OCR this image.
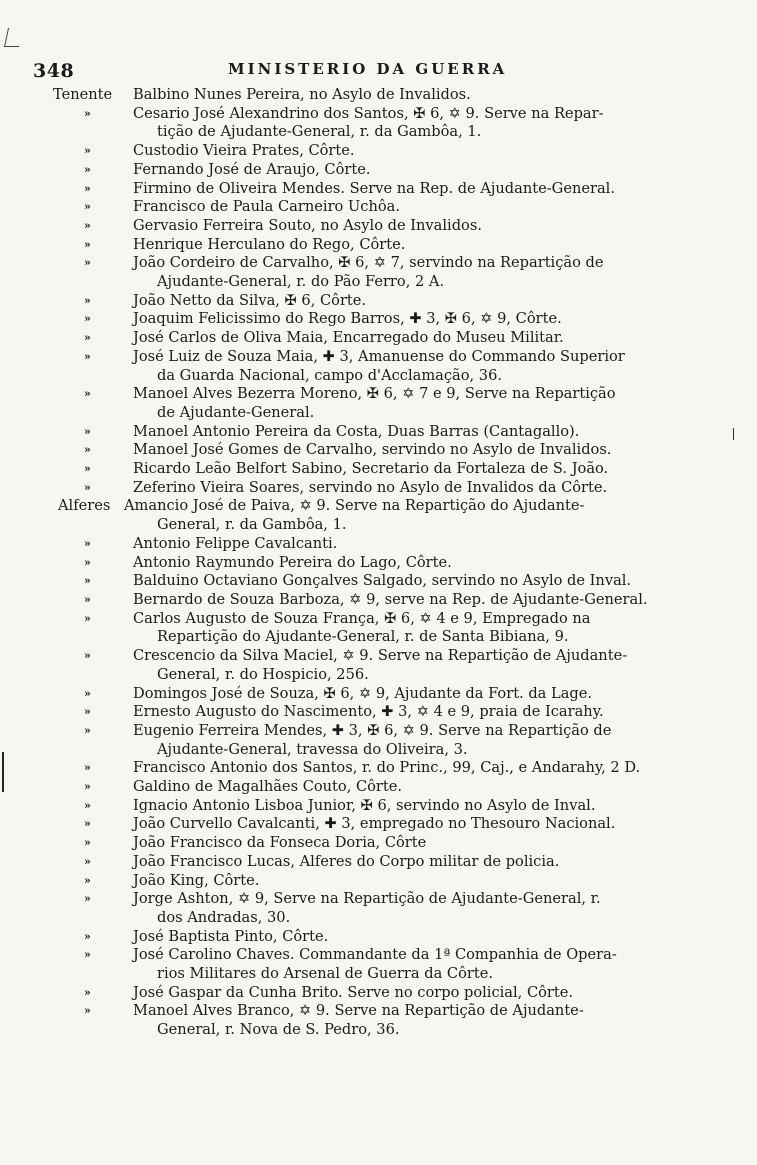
348	MINISTERIO DA GUERRA
Tenente	Balbino Nunes Pereira, no Asylo de Invalidos.
»	Cesario José Alexandrino dos Santos, ✠ 6, ✡ 9. Serve na Repar-
tição de Ajudante-General, r. da Gambôa, 1.
»	Custodio Vieira Prates, Côrte.
»	Fernando José de Araujo, Côrte.
»	Firmino de Oliveira Mendes. Serve na Rep. de Ajudante-General.
»	Francisco de Paula Carneiro Uchôa.
»	Gervasio Ferreira Souto, no Asylo de Invalidos.
»	Henrique Herculano do Rego, Côrte.
»	João Cordeiro de Carvalho, ✠ 6, ✡ 7, servindo na Repartição de
Ajudante-General, r. do Pão Ferro, 2 A.
»	João Netto da Silva, ✠ 6, Côrte.
»	Joaquim Felicissimo do Rego Barros, ✚ 3, ✠ 6, ✡ 9, Côrte.
»	José Carlos de Oliva Maia, Encarregado do Museu Militar.
»	José Luiz de Souza Maia, ✚ 3, Amanuense do Commando Superior
da Guarda Nacional, campo d'Acclamação, 36.
»	Manoel Alves Bezerra Moreno, ✠ 6, ✡ 7 e 9, Serve na Repartição
de Ajudante-General.
»	Manoel Antonio Pereira da Costa, Duas Barras (Cantagallo).
»	Manoel José Gomes de Carvalho, servindo no Asylo de Invalidos.
»	Ricardo Leão Belfort Sabino, Secretario da Fortaleza de S. João.
»	Zeferino Vieira Soares, servindo no Asylo de Invalidos da Côrte.
Alferes Amancio José de Paiva, ✡ 9. Serve na Repartição do Ajudante-
General, r. da Gambôa, 1.
»	Antonio Felippe Cavalcanti.
»	Antonio Raymundo Pereira do Lago, Côrte.
»	Balduino Octaviano Gonçalves Salgado, servindo no Asylo de Inval.
»	Bernardo de Souza Barboza, ✡ 9, serve na Rep. de Ajudante-General.
»	Carlos Augusto de Souza França, ✠ 6, ✡ 4 e 9, Empregado na
Repartição do Ajudante-General, r. de Santa Bibiana, 9.
»	Crescencio da Silva Maciel, ✡ 9. Serve na Repartição de Ajudante-
General, r. do Hospicio, 256.
»	Domingos José de Souza, ✠ 6, ✡ 9, Ajudante da Fort. da Lage.
»	Ernesto Augusto do Nascimento, ✚ 3, ✡ 4 e 9, praia de Icarahy.
»	Eugenio Ferreira Mendes, ✚ 3, ✠ 6, ✡ 9. Serve na Repartição de
Ajudante-General, travessa do Oliveira, 3.
»	Francisco Antonio dos Santos, r. do Princ., 99, Caj., e Andarahy, 2 D.
»	Galdino de Magalhães Couto, Côrte.
»	Ignacio Antonio Lisboa Junior, ✠ 6, servindo no Asylo de Inval.
»	João Curvello Cavalcanti, ✚ 3, empregado no Thesouro Nacional.
»	João Francisco da Fonseca Doria, Côrte
»	João Francisco Lucas, Alferes do Corpo militar de policia.
»	João King, Côrte.
»	Jorge Ashton, ✡ 9, Serve na Repartição de Ajudante-General, r.
dos Andradas, 30.
»	José Baptista Pinto, Côrte.
»	José Carolino Chaves. Commandante da 1ª Companhia de Opera-
rios Militares do Arsenal de Guerra da Côrte.
»	José Gaspar da Cunha Brito. Serve no corpo policial, Côrte.
»	Manoel Alves Branco, ✡ 9. Serve na Repartição de Ajudante-
General, r. Nova de S. Pedro, 36.
